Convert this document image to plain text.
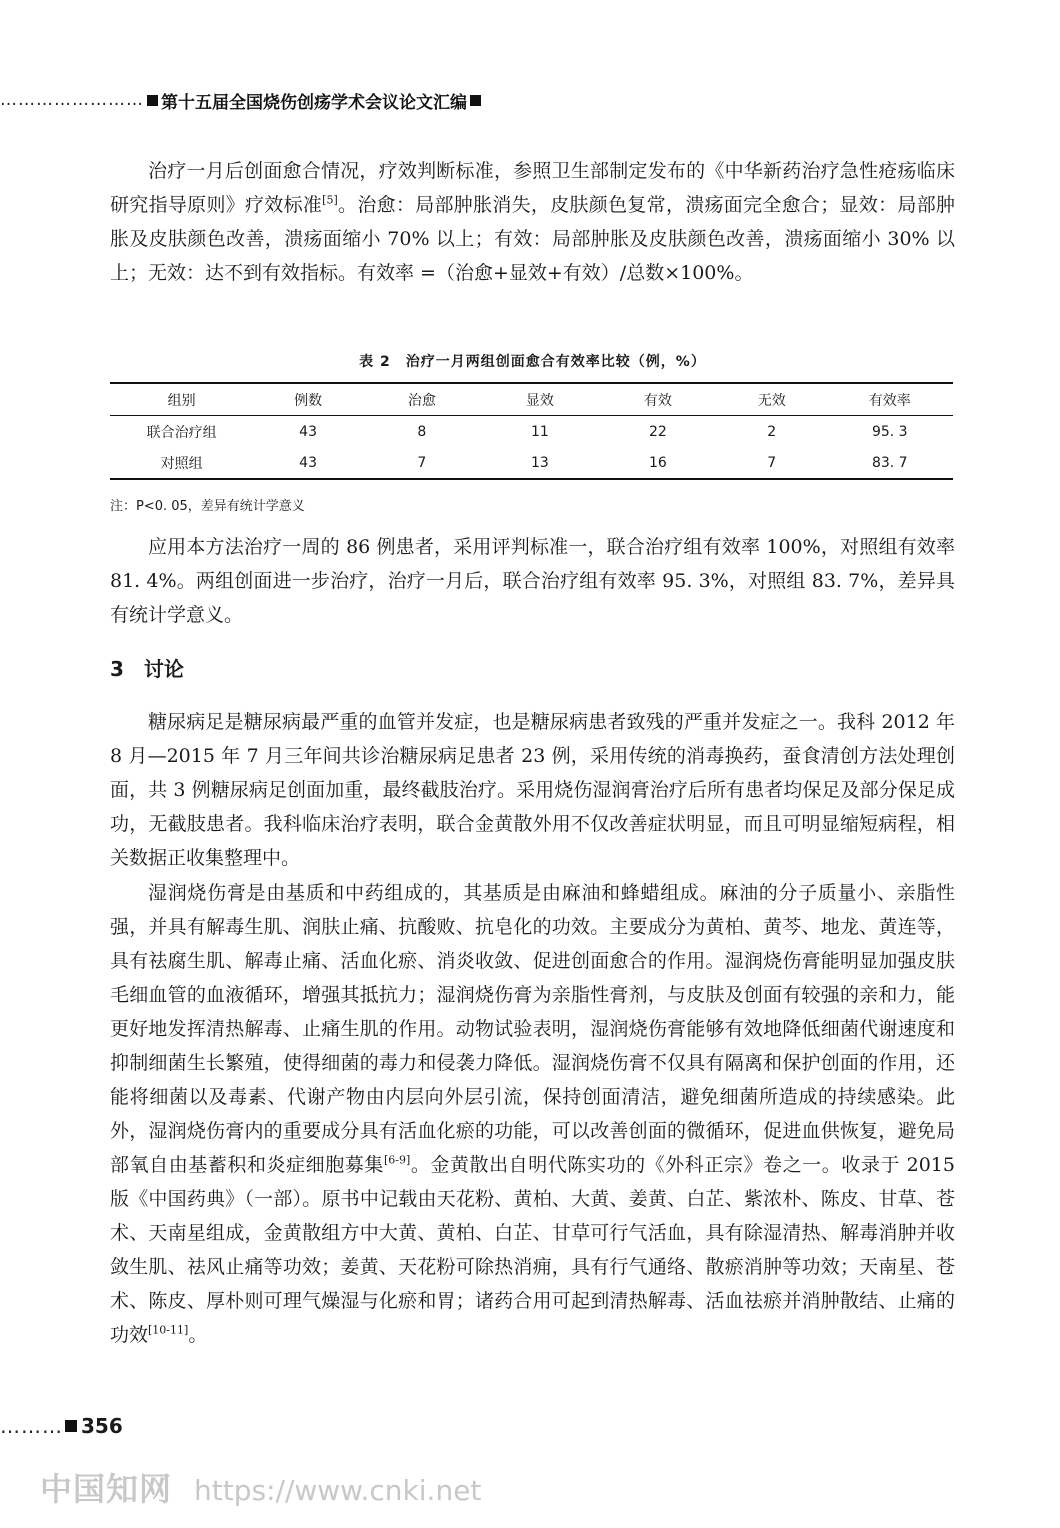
…………………… 第十五届全国烧伤创疡学术会议论文汇编

治疗一月后创面愈合情况，疗效判断标准，参照卫生部制定发布的《中华新药治疗急性疮疡临床研究指导原则》疗效标准[5]。治愈：局部肿胀消失，皮肤颜色复常，溃疡面完全愈合；显效：局部肿胀及皮肤颜色改善，溃疡面缩小 70% 以上；有效：局部肿胀及皮肤颜色改善，溃疡面缩小 30% 以上；无效：达不到有效指标。有效率 =（治愈+显效+有效）/总数×100%。

表 2　治疗一月两组创面愈合有效率比较（例，%）
组别	例数	治愈	显效	有效	无效	有效率
联合治疗组	43	8	11	22	2	95. 3
对照组	43	7	13	16	7	83. 7
注：P<0. 05，差异有统计学意义

应用本方法治疗一周的 86 例患者，采用评判标准一，联合治疗组有效率 100%，对照组有效率 81. 4%。两组创面进一步治疗，治疗一月后，联合治疗组有效率 95. 3%，对照组 83. 7%，差异具有统计学意义。

3 讨论

糖尿病足是糖尿病最严重的血管并发症，也是糖尿病患者致残的严重并发症之一。我科 2012 年 8 月—2015 年 7 月三年间共诊治糖尿病足患者 23 例，采用传统的消毒换药，蚕食清创方法处理创面，共 3 例糖尿病足创面加重，最终截肢治疗。采用烧伤湿润膏治疗后所有患者均保足及部分保足成功，无截肢患者。我科临床治疗表明，联合金黄散外用不仅改善症状明显，而且可明显缩短病程，相关数据正收集整理中。

湿润烧伤膏是由基质和中药组成的，其基质是由麻油和蜂蜡组成。麻油的分子质量小、亲脂性强，并具有解毒生肌、润肤止痛、抗酸败、抗皂化的功效。主要成分为黄柏、黄芩、地龙、黄连等，具有祛腐生肌、解毒止痛、活血化瘀、消炎收敛、促进创面愈合的作用。湿润烧伤膏能明显加强皮肤毛细血管的血液循环，增强其抵抗力；湿润烧伤膏为亲脂性膏剂，与皮肤及创面有较强的亲和力，能更好地发挥清热解毒、止痛生肌的作用。动物试验表明，湿润烧伤膏能够有效地降低细菌代谢速度和抑制细菌生长繁殖，使得细菌的毒力和侵袭力降低。湿润烧伤膏不仅具有隔离和保护创面的作用，还能将细菌以及毒素、代谢产物由内层向外层引流，保持创面清洁，避免细菌所造成的持续感染。此外，湿润烧伤膏内的重要成分具有活血化瘀的功能，可以改善创面的微循环，促进血供恢复，避免局部氧自由基蓄积和炎症细胞募集[6-9]。金黄散出自明代陈实功的《外科正宗》卷之一。收录于 2015 版《中国药典》（一部）。原书中记载由天花粉、黄柏、大黄、姜黄、白芷、紫浓朴、陈皮、甘草、苍术、天南星组成，金黄散组方中大黄、黄柏、白芷、甘草可行气活血，具有除湿清热、解毒消肿并收敛生肌、祛风止痛等功效；姜黄、天花粉可除热消痈，具有行气通络、散瘀消肿等功效；天南星、苍术、陈皮、厚朴则可理气燥湿与化瘀和胃；诸药合用可起到清热解毒、活血祛瘀并消肿散结、止痛的功效[10-11]。

……… 356
中国知网 https://www.cnki.net
